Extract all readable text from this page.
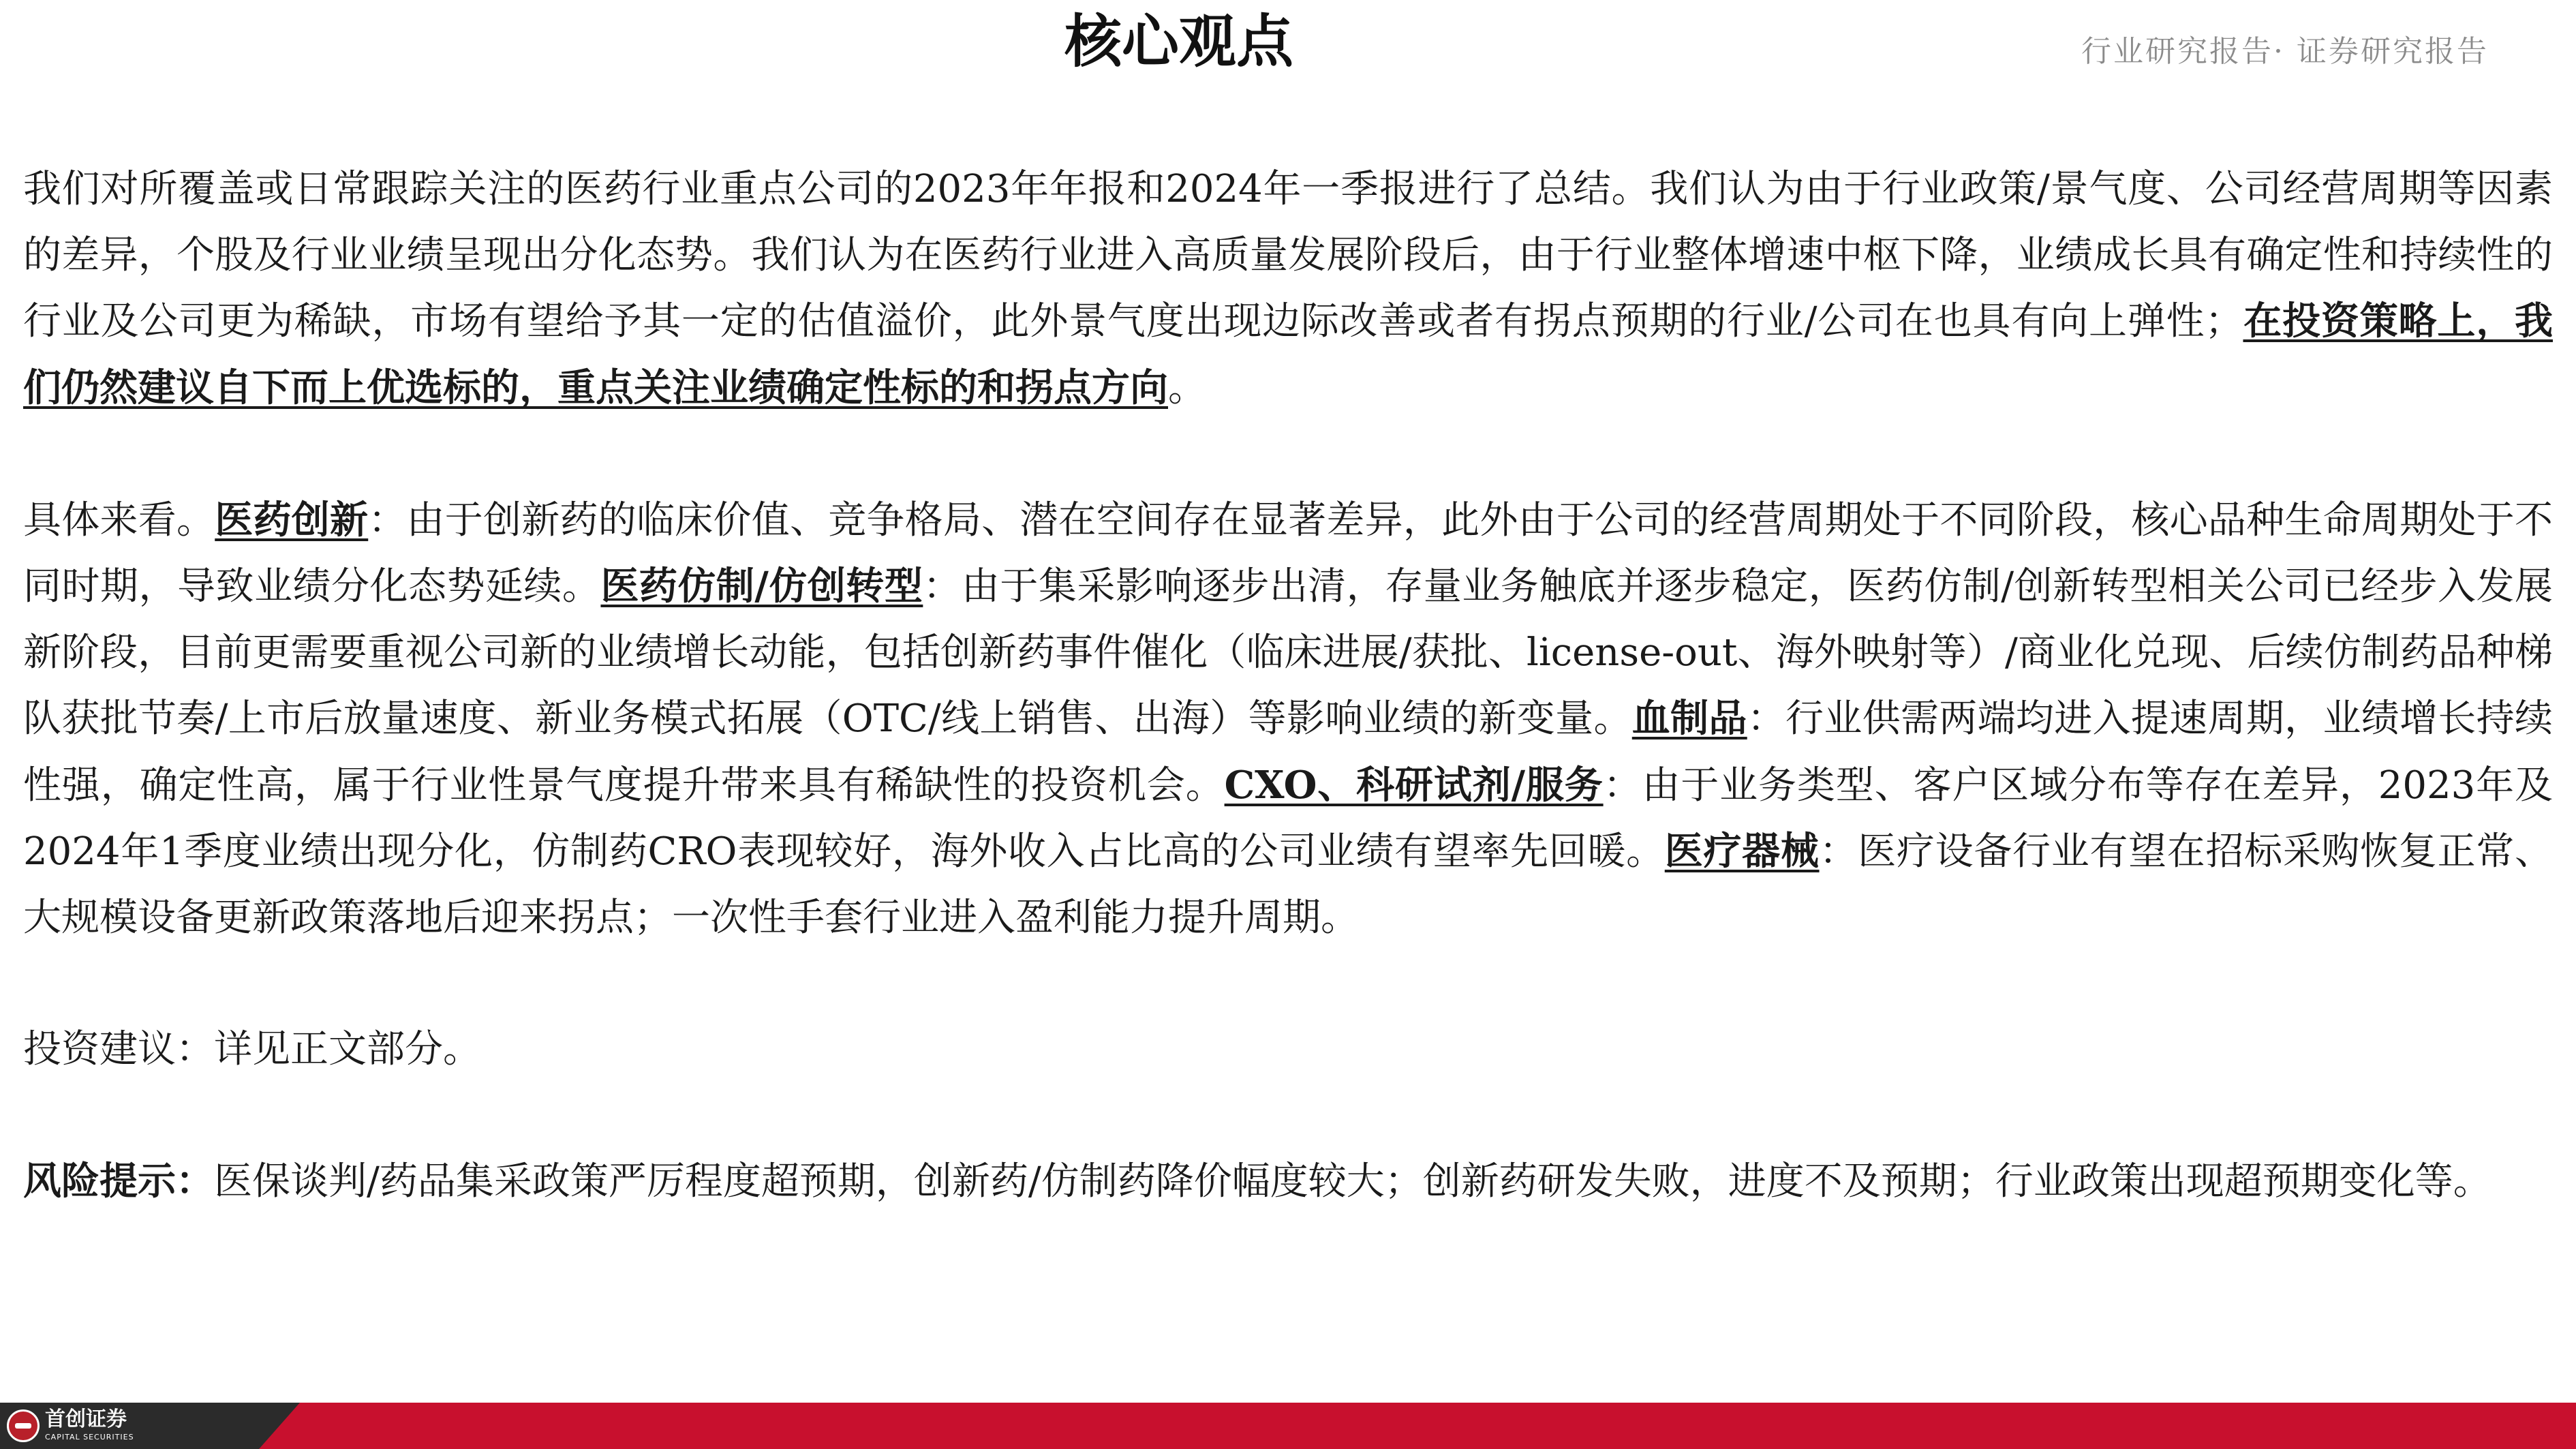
核心观点	行业研究报告· 证券研究报告

我们对所覆盖或日常跟踪关注的医药行业重点公司的2023年年报和2024年一季报进行了总结。我们认为由于行业政策/景气度、公司经营周期等因素的差异，个股及行业业绩呈现出分化态势。我们认为在医药行业进入高质量发展阶段后，由于行业整体增速中枢下降，业绩成长具有确定性和持续性的行业及公司更为稀缺，市场有望给予其一定的估值溢价，此外景气度出现边际改善或者有拐点预期的行业/公司在也具有向上弹性；在投资策略上，我们仍然建议自下而上优选标的，重点关注业绩确定性标的和拐点方向。

具体来看。医药创新：由于创新药的临床价值、竞争格局、潜在空间存在显著差异，此外由于公司的经营周期处于不同阶段，核心品种生命周期处于不同时期，导致业绩分化态势延续。医药仿制/仿创转型：由于集采影响逐步出清，存量业务触底并逐步稳定，医药仿制/创新转型相关公司已经步入发展新阶段，目前更需要重视公司新的业绩增长动能，包括创新药事件催化（临床进展/获批、license-out、海外映射等）/商业化兑现、后续仿制药品种梯队获批节奏/上市后放量速度、新业务模式拓展（OTC/线上销售、出海）等影响业绩的新变量。血制品：行业供需两端均进入提速周期，业绩增长持续性强，确定性高，属于行业性景气度提升带来具有稀缺性的投资机会。CXO、科研试剂/服务：由于业务类型、客户区域分布等存在差异，2023年及2024年1季度业绩出现分化，仿制药CRO表现较好，海外收入占比高的公司业绩有望率先回暖。医疗器械：医疗设备行业有望在招标采购恢复正常、大规模设备更新政策落地后迎来拐点；一次性手套行业进入盈利能力提升周期。

投资建议：详见正文部分。

风险提示：医保谈判/药品集采政策严厉程度超预期，创新药/仿制药降价幅度较大；创新药研发失败，进度不及预期；行业政策出现超预期变化等。

首创证券
CAPITAL SECURITIES
